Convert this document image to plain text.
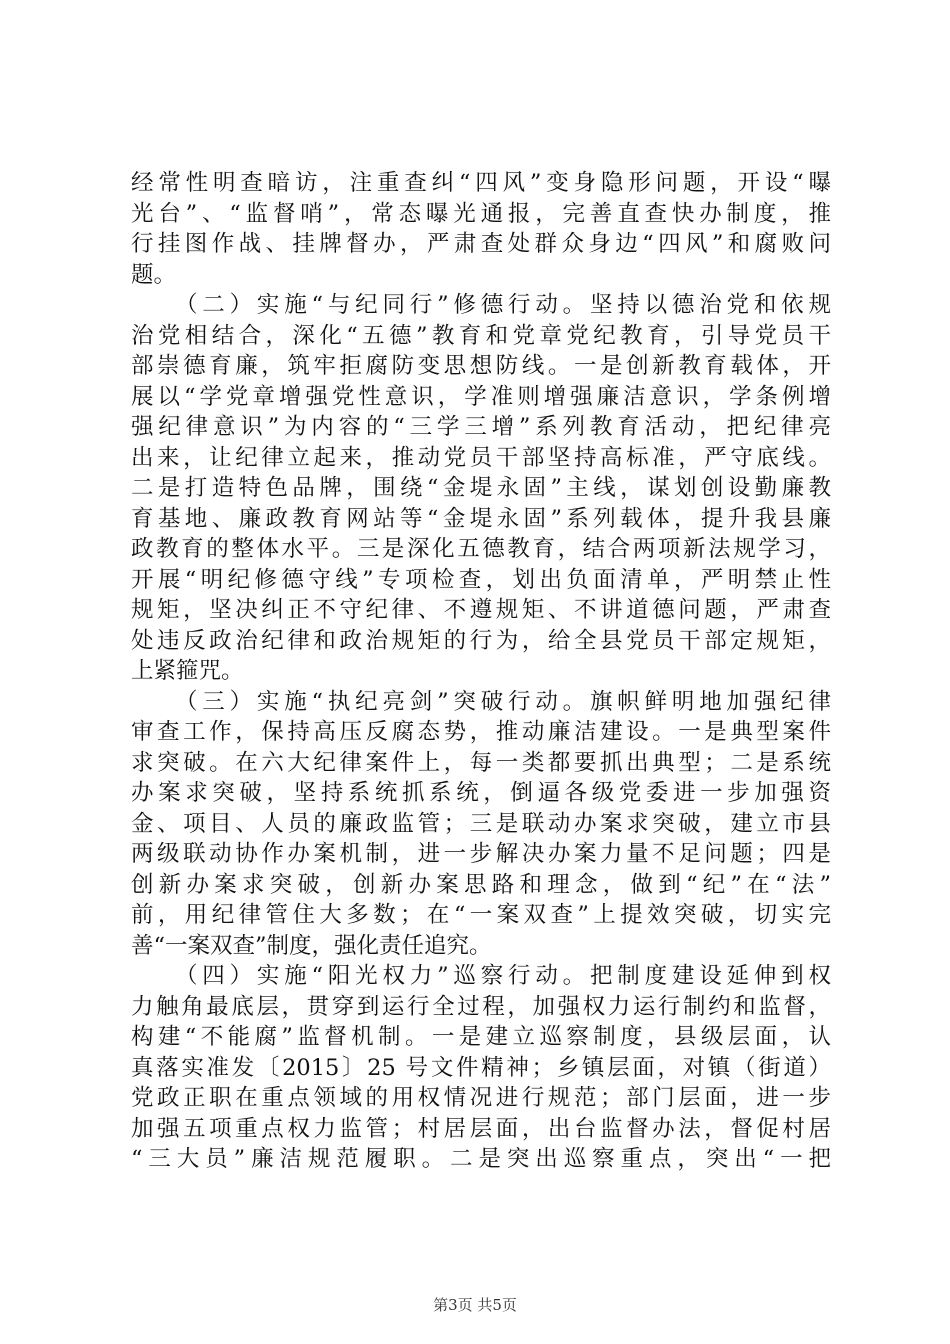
经常性明查暗访，注重查纠“四风”变身隐形问题，开设“曝
光台”、“监督哨”，常态曝光通报，完善直查快办制度，推
行挂图作战、挂牌督办，严肃查处群众身边“四风”和腐败问
题。
（二）实施“与纪同行”修德行动。坚持以德治党和依规
治党相结合，深化“五德”教育和党章党纪教育，引导党员干
部崇德育廉，筑牢拒腐防变思想防线。一是创新教育载体，开
展以“学党章增强党性意识，学准则增强廉洁意识，学条例增
强纪律意识”为内容的“三学三增”系列教育活动，把纪律亮
出来，让纪律立起来，推动党员干部坚持高标准，严守底线。
二是打造特色品牌，围绕“金堤永固”主线，谋划创设勤廉教
育基地、廉政教育网站等“金堤永固”系列载体，提升我县廉
政教育的整体水平。三是深化五德教育，结合两项新法规学习，
开展“明纪修德守线”专项检查，划出负面清单，严明禁止性
规矩，坚决纠正不守纪律、不遵规矩、不讲道德问题，严肃查
处违反政治纪律和政治规矩的行为，给全县党员干部定规矩，
上紧箍咒。
（三）实施“执纪亮剑”突破行动。旗帜鲜明地加强纪律
审查工作，保持高压反腐态势，推动廉洁建设。一是典型案件
求突破。在六大纪律案件上，每一类都要抓出典型；二是系统
办案求突破，坚持系统抓系统，倒逼各级党委进一步加强资
金、项目、人员的廉政监管；三是联动办案求突破，建立市县
两级联动协作办案机制，进一步解决办案力量不足问题；四是
创新办案求突破，创新办案思路和理念，做到“纪”在“法”
前，用纪律管住大多数；在“一案双查”上提效突破，切实完
善“一案双查”制度，强化责任追究。
（四）实施“阳光权力”巡察行动。把制度建设延伸到权
力触角最底层，贯穿到运行全过程，加强权力运行制约和监督，
构建“不能腐”监督机制。一是建立巡察制度，县级层面，认
真落实准发〔2015〕25 号文件精神；乡镇层面，对镇（街道）
党政正职在重点领域的用权情况进行规范；部门层面，进一步
加强五项重点权力监管；村居层面，出台监督办法，督促村居
“三大员”廉洁规范履职。二是突出巡察重点，突出“一把
第3页 共5页
